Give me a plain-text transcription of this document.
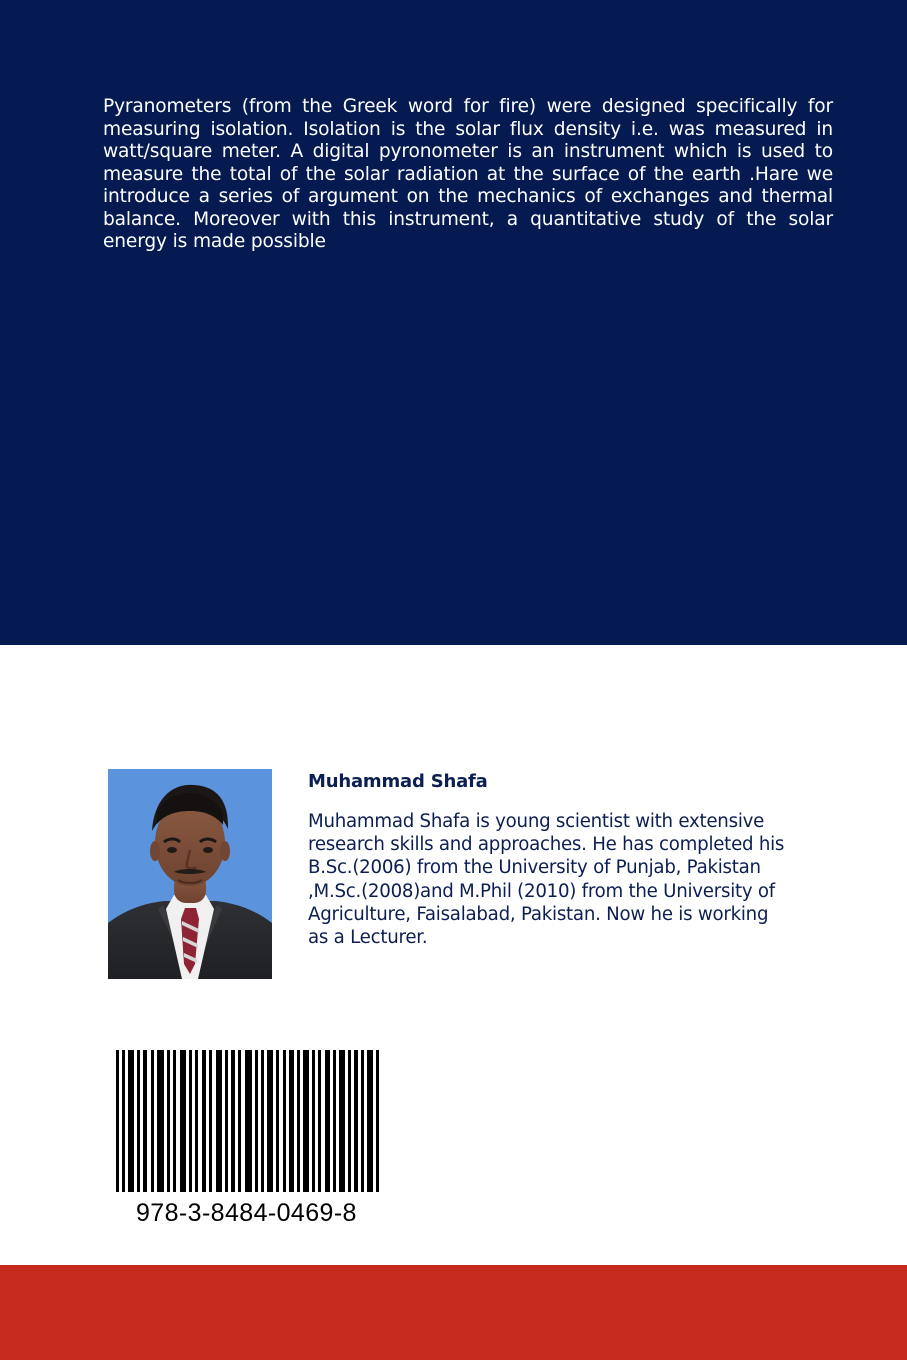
Pyranometers (from the Greek word for fire) were designed specifically for measuring isolation. Isolation is the solar flux density i.e. was measured in watt/square meter. A digital pyronometer is an instrument which is used to measure the total of the solar radiation at the surface of the earth .Hare we introduce a series of argument on the mechanics of exchanges and thermal balance. Moreover with this instrument, a quantitative study of the solar energy is made possible

Muhammad Shafa

Muhammad Shafa is young scientist with extensive
research skills and approaches. He has completed his
B.Sc.(2006) from the University of Punjab, Pakistan
,M.Sc.(2008)and M.Phil (2010) from the University of
Agriculture, Faisalabad, Pakistan. Now he is working
as a Lecturer.

978-3-8484-0469-8
